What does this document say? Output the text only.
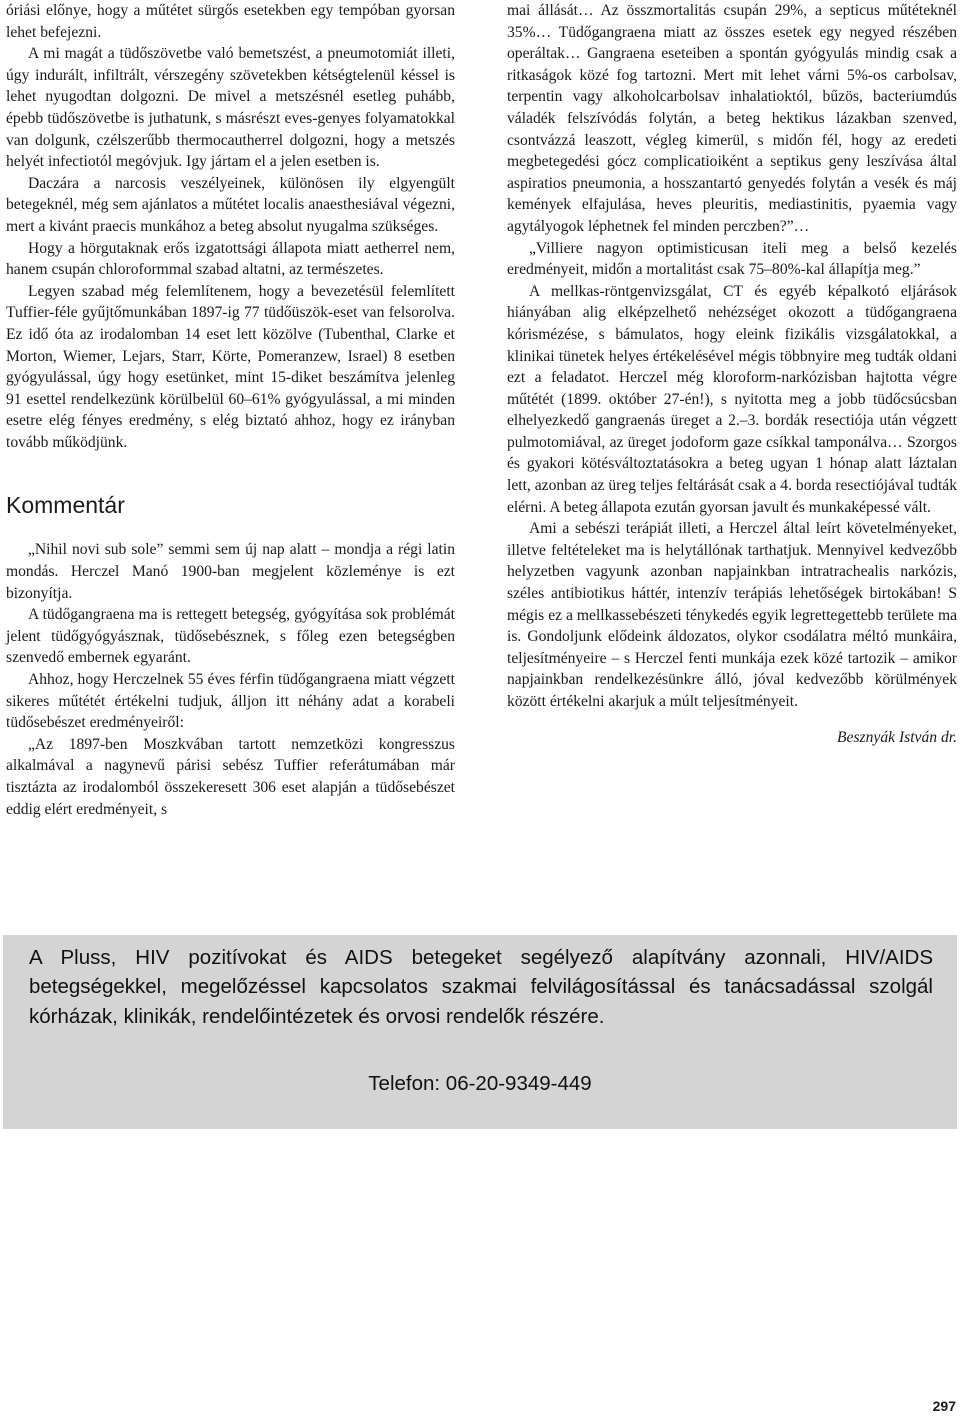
óriási előnye, hogy a műtétet sürgős esetekben egy tempóban gyorsan lehet befejezni.

A mi magát a tüdőszövetbe való bemetszést, a pneumotomiát illeti, úgy indurált, infiltrált, vérszegény szövetekben kétségtelenül késsel is lehet nyugodtan dolgozni. De mivel a metszésnél esetleg puhább, épebb tüdőszövetbe is juthatunk, s másrészt eves-genyes folyamatokkal van dolgunk, czélszerűbb thermocautherrel dolgozni, hogy a metszés helyét infectiotól megóvjuk. Igy jártam el a jelen esetben is.

Daczára a narcosis veszélyeinek, különösen ily elgyengült betegeknél, még sem ajánlatos a műtétet localis anaesthesiával végezni, mert a kivánt praecis munkához a beteg absolut nyugalma szükséges.

Hogy a hörgutaknak erős izgatottsági állapota miatt aetherrel nem, hanem csupán chloroformmal szabad altatni, az természetes.

Legyen szabad még felemlítenem, hogy a bevezetésül felemlített Tuffier-féle gyűjtőmunkában 1897-ig 77 tüdőüszök-eset van felsorolva. Ez idő óta az irodalomban 14 eset lett közölve (Tubenthal, Clarke et Morton, Wiemer, Lejars, Starr, Körte, Pomeranzew, Israel) 8 esetben gyógyulással, úgy hogy esetünket, mint 15-diket beszámítva jelenleg 91 esettel rendelkezünk körülbelül 60–61% gyógyulással, a mi minden esetre elég fényes eredmény, s elég biztató ahhoz, hogy ez irányban tovább működjünk.

Kommentár

„Nihil novi sub sole” semmi sem új nap alatt – mondja a régi latin mondás. Herczel Manó 1900-ban megjelent közleménye is ezt bizonyítja.

A tüdőgangraena ma is rettegett betegség, gyógyítása sok problémát jelent tüdőgyógyásznak, tüdősebésznek, s főleg ezen betegségben szenvedő embernek egyaránt.

Ahhoz, hogy Herczelnek 55 éves férfin tüdőgangraena miatt végzett sikeres műtétét értékelni tudjuk, álljon itt néhány adat a korabeli tüdősebészet eredményeiről:

„Az 1897-ben Moszkvában tartott nemzetközi kongresszus alkalmával a nagynevű párisi sebész Tuffier referátumában már tisztázta az irodalomból összekeresett 306 eset alapján a tüdősebészet eddig elért eredményeit, s

mai állását… Az összmortalitás csupán 29%, a septicus műtéteknél 35%… Tüdőgangraena miatt az összes esetek egy negyed részében operáltak… Gangraena eseteiben a spontán gyógyulás mindig csak a ritkaságok közé fog tartozni. Mert mit lehet várni 5%-os carbolsav, terpentin vagy alkoholcarbolsav inhalatioktól, bűzös, bacteriumdús váladék felszívódás folytán, a beteg hektikus lázakban szenved, csontvázzá leaszott, végleg kimerül, s midőn fél, hogy az eredeti megbetegedési gócz complicatioiként a septikus geny leszívása által aspiratios pneumonia, a hosszantartó genyedés folytán a vesék és máj kemények elfajulása, heves pleuritis, mediastinitis, pyaemia vagy agytályogok léphetnek fel minden perczben?”…

„Villiere nagyon optimisticusan iteli meg a belső kezelés eredményeit, midőn a mortalitást csak 75–80%-kal állapítja meg.”

A mellkas-röntgenvizsgálat, CT és egyéb képalkotó eljárások hiányában alig elképzelhető nehézséget okozott a tüdőgangraena kórismézése, s bámulatos, hogy eleink fizikális vizsgálatokkal, a klinikai tünetek helyes értékelésével mégis többnyire meg tudták oldani ezt a feladatot. Herczel még kloroform-narkózisban hajtotta végre műtétét (1899. október 27-én!), s nyitotta meg a jobb tüdőcsúcsban elhelyezkedő gangraenás üreget a 2.–3. bordák resectiója után végzett pulmotomiával, az üreget jodoform gaze csíkkal tamponálva… Szorgos és gyakori kötésváltoztatásokra a beteg ugyan 1 hónap alatt láztalan lett, azonban az üreg teljes feltárását csak a 4. borda resectiójával tudták elérni. A beteg állapota ezután gyorsan javult és munkaképessé vált.

Ami a sebészi terápiát illeti, a Herczel által leírt követelményeket, illetve feltételeket ma is helytállónak tarthatjuk. Mennyivel kedvezőbb helyzetben vagyunk azonban napjainkban intratrachealis narkózis, széles antibiotikus háttér, intenzív terápiás lehetőségek birtokában! S mégis ez a mellkassebészeti ténykedés egyik legrettegettebb területe ma is. Gondoljunk elődeink áldozatos, olykor csodálatra méltó munkáira, teljesítményeire – s Herczel fenti munkája ezek közé tartozik – amikor napjainkban rendelkezésünkre álló, jóval kedvezőbb körülmények között értékelni akarjuk a múlt teljesítményeit.

Besznyák István dr.

A Pluss, HIV pozitívokat és AIDS betegeket segélyező alapítvány azonnali, HIV/AIDS betegségekkel, megelőzéssel kapcsolatos szakmai felvilágosítással és tanácsadással szolgál kórházak, klinikák, rendelőintézetek és orvosi rendelők részére.
Telefon: 06-20-9349-449
297
